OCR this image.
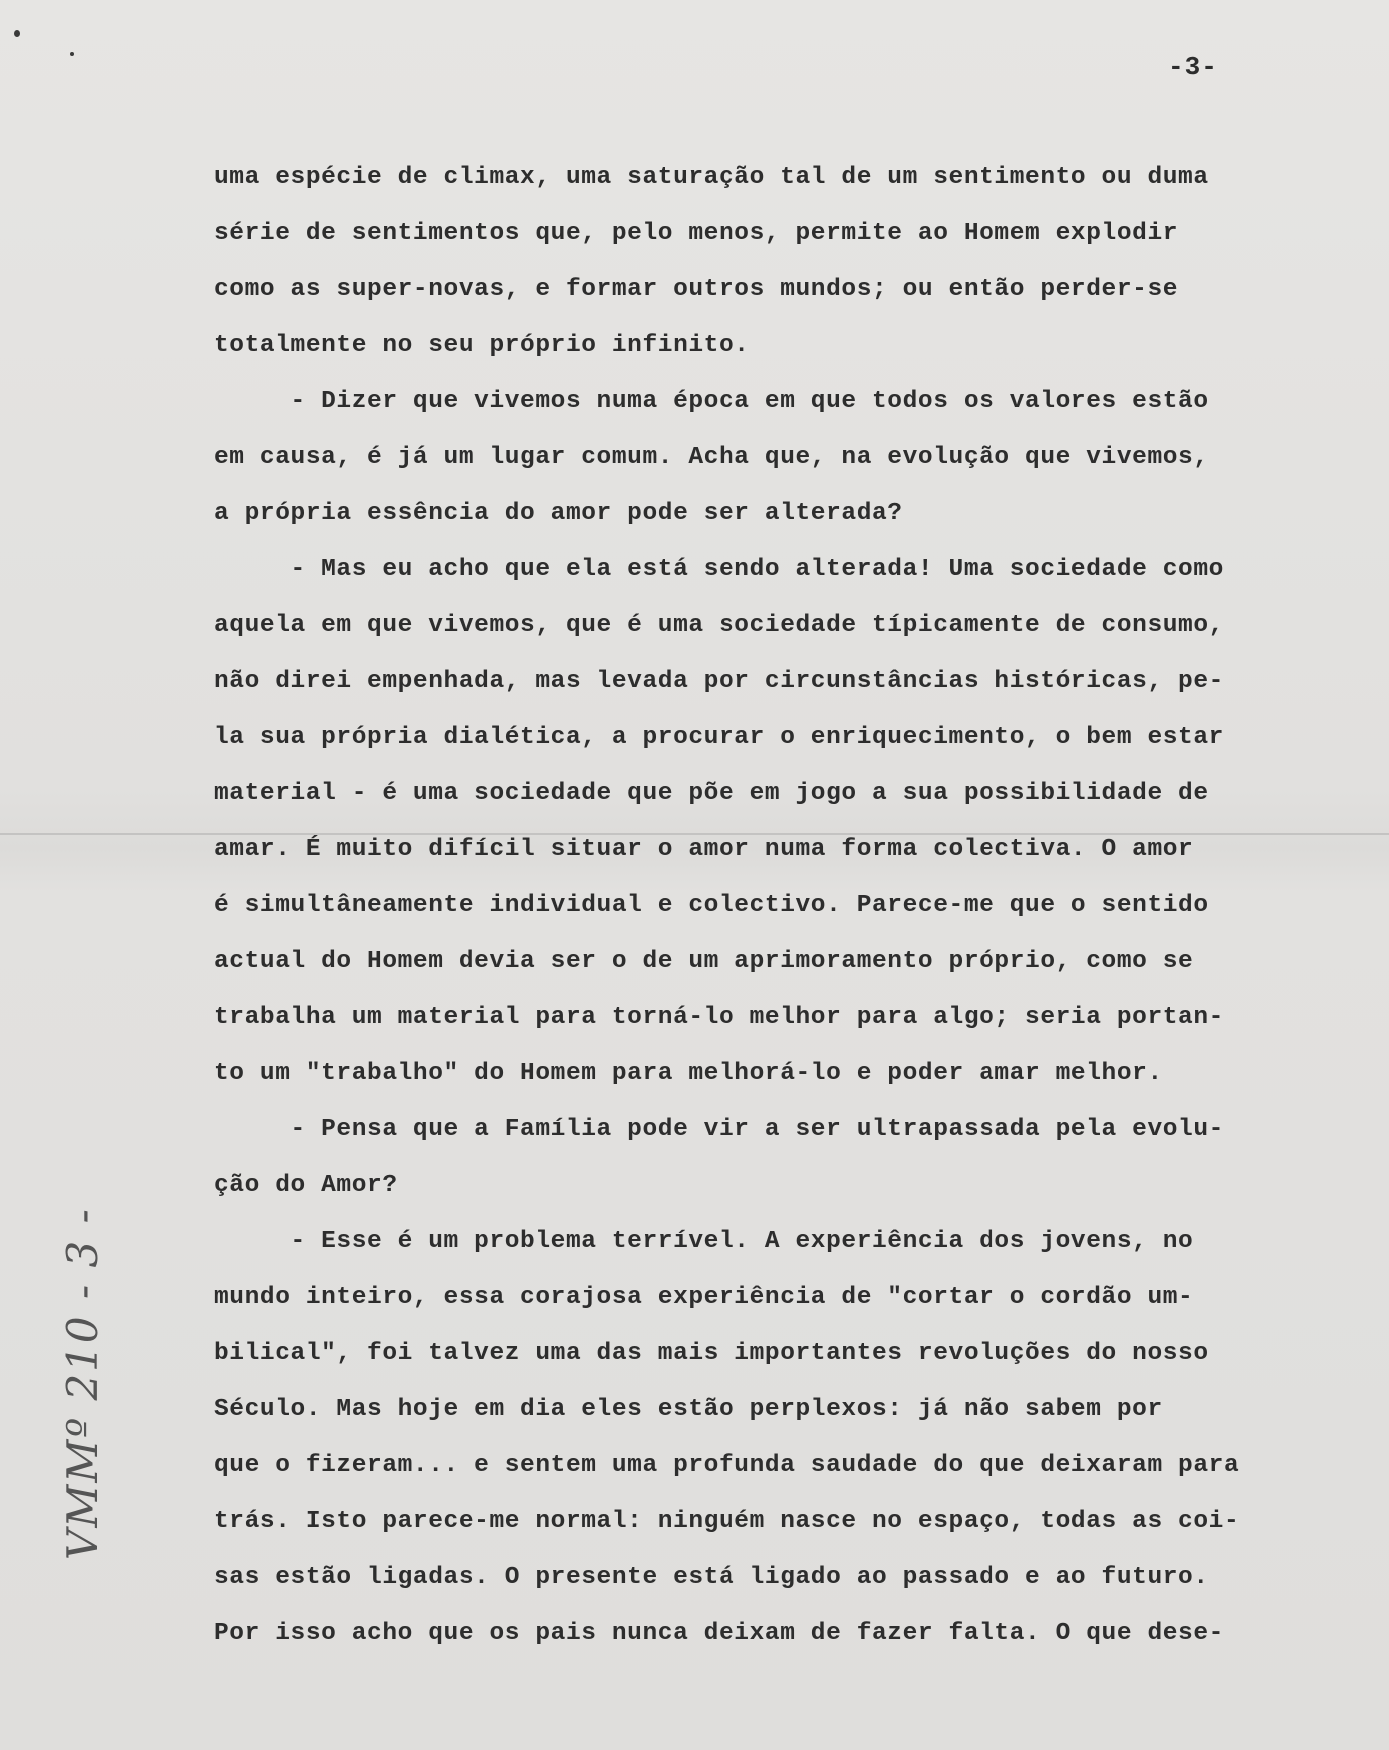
-3-
uma espécie de climax, uma saturação tal de um sentimento ou duma
série de sentimentos que, pelo menos, permite ao Homem explodir
como as super-novas, e formar outros mundos; ou então perder-se
totalmente no seu próprio infinito.
- Dizer que vivemos numa época em que todos os valores estão
em causa, é já um lugar comum. Acha que, na evolução que vivemos,
a própria essência do amor pode ser alterada?
- Mas eu acho que ela está sendo alterada! Uma sociedade como
aquela em que vivemos, que é uma sociedade típicamente de consumo,
não direi empenhada, mas levada por circunstâncias históricas, pe-
la sua própria dialética, a procurar o enriquecimento, o bem estar
material - é uma sociedade que põe em jogo a sua possibilidade de
amar. É muito difícil situar o amor numa forma colectiva. O amor
é simultâneamente individual e colectivo. Parece-me que o sentido
actual do Homem devia ser o de um aprimoramento próprio, como se
trabalha um material para torná-lo melhor para algo; seria portan-
to um "trabalho" do Homem para melhorá-lo e poder amar melhor.
- Pensa que a Família pode vir a ser ultrapassada pela evolu-
ção do Amor?
- Esse é um problema terrível. A experiência dos jovens, no
mundo inteiro, essa corajosa experiência de "cortar o cordão um-
bilical", foi talvez uma das mais importantes revoluções do nosso
Século. Mas hoje em dia eles estão perplexos: já não sabem por
que o fizeram... e sentem uma profunda saudade do que deixaram para
trás. Isto parece-me normal: ninguém nasce no espaço, todas as coi-
sas estão ligadas. O presente está ligado ao passado e ao futuro.
Por isso acho que os pais nunca deixam de fazer falta. O que dese-
VMMº 210 - 3 -
